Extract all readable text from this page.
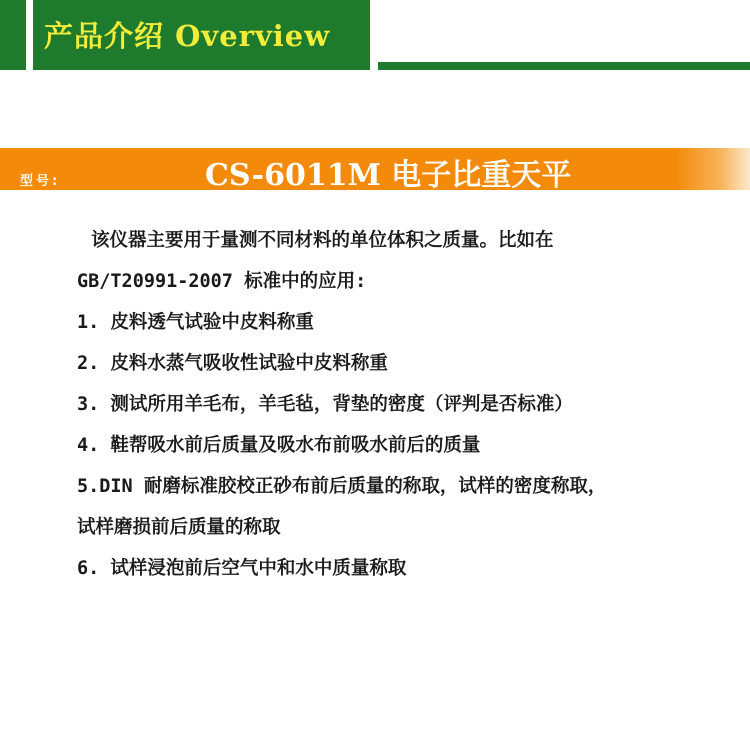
产品介绍 Overview
型号:	CS-6011M 电子比重天平

该仪器主要用于量测不同材料的单位体积之质量。比如在

GB/T20991-2007 标准中的应用:

1. 皮料透气试验中皮料称重

2. 皮料水蒸气吸收性试验中皮料称重

3. 测试所用羊毛布，羊毛毡，背垫的密度（评判是否标准）

4. 鞋帮吸水前后质量及吸水布前吸水前后的质量

5.DIN 耐磨标准胶校正砂布前后质量的称取，试样的密度称取，

试样磨损前后质量的称取

6. 试样浸泡前后空气中和水中质量称取
